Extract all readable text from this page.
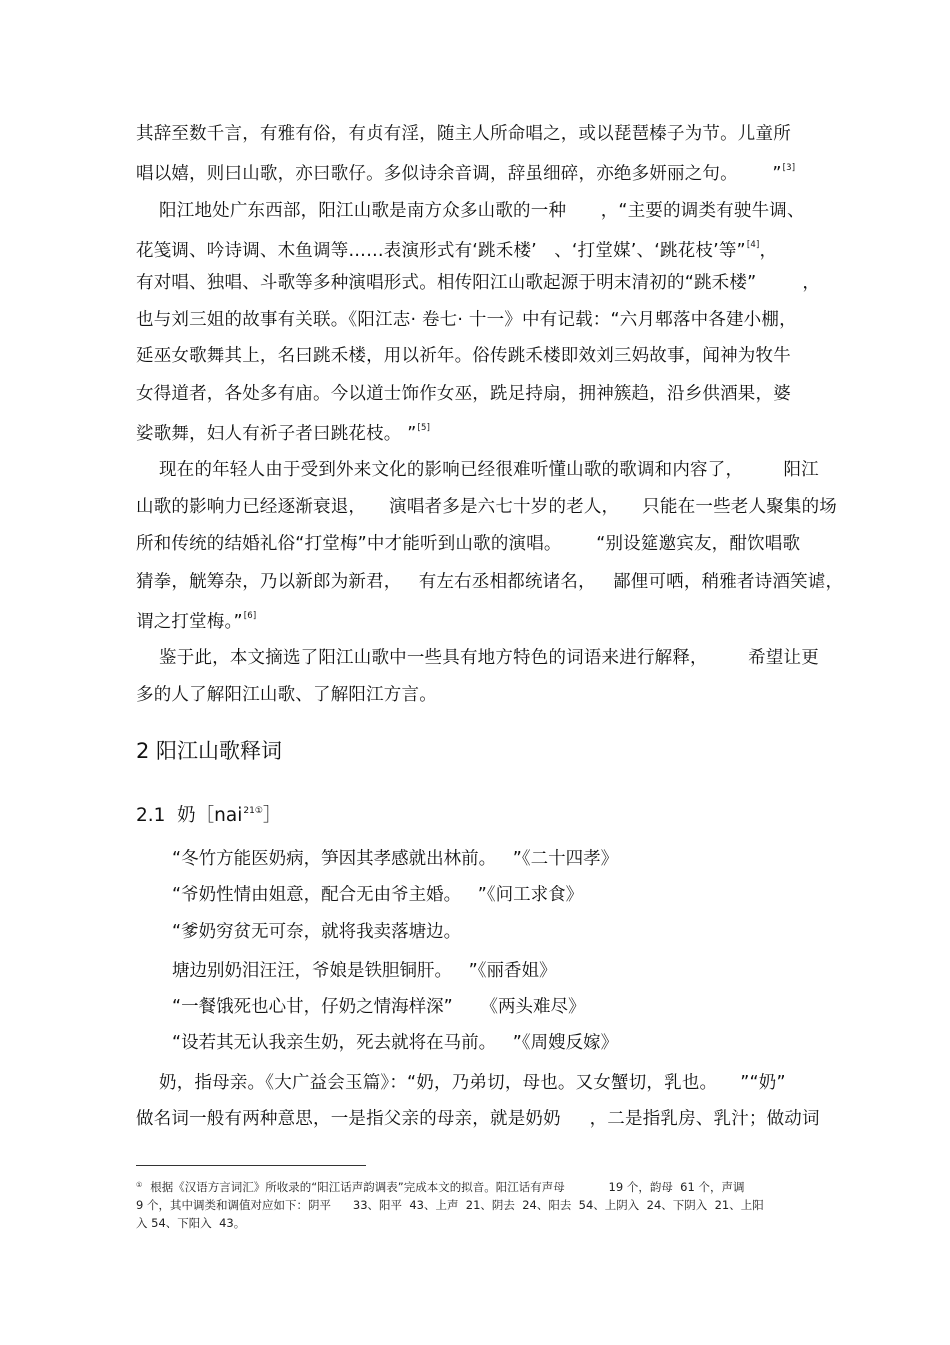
其辞至数千言，有雅有俗，有贞有淫，随主人所命唱之，或以琵琶榛子为节。儿童所
唱以嬉，则曰山歌，亦曰歌仔。多似诗余音调，辞虽细碎，亦绝多妍丽之句。      ”[3]
阳江地处广东西部，阳江山歌是南方众多山歌的一种      ，“主要的调类有驶牛调、
花笺调、吟诗调、木鱼调等……表演形式有‘跳禾楼’   、‘打堂媒’、‘跳花枝’等”[4]，
有对唱、独唱、斗歌等多种演唱形式。相传阳江山歌起源于明末清初的“跳禾楼”        ，
也与刘三姐的故事有关联。《阳江志· 卷七· 十一》中有记载：“六月郫落中各建小棚，
延巫女歌舞其上，名曰跳禾楼，用以祈年。俗传跳禾楼即效刘三妈故事，闻神为牧牛
女得道者，各处多有庙。今以道士饰作女巫，跣足持扇，拥神簇趋，沿乡供酒果，婆
娑歌舞，妇人有祈子者曰跳花枝。 ”[5]
现在的年轻人由于受到外来文化的影响已经很难听懂山歌的歌调和内容了，       阳江
山歌的影响力已经逐渐衰退，    演唱者多是六七十岁的老人，    只能在一些老人聚集的场
所和传统的结婚礼俗“打堂梅”中才能听到山歌的演唱。      “别设筵邀宾友，酣饮唱歌
猜拳，觥筹杂，乃以新郎为新君，   有左右丞相都统诸名，   鄙俚可哂，稍雅者诗酒笑谑，
谓之打堂梅。”[6]
鉴于此，本文摘选了阳江山歌中一些具有地方特色的词语来进行解释，       希望让更
多的人了解阳江山歌、了解阳江方言。
2 阳江山歌释词
2.1  奶［nai$^{21①}$］
“冬竹方能医奶病，笋因其孝感就出林前。   ”《二十四孝》
“爷奶性情由姐意，配合无由爷主婚。   ”《问工求食》
“爹奶穷贫无可奈，就将我卖落塘边。
塘边别奶泪汪汪，爷娘是铁胆铜肝。   ”《丽香姐》
“一餐饿死也心甘，仔奶之情海样深”     《两头难尽》
“设若其无认我亲生奶，死去就将在马前。   ”《周嫂反嫁》
奶，指母亲。《大广益会玉篇》：“奶，乃弟切，母也。又女蟹切，乳也。    ”“奶”
做名词一般有两种意思，一是指父亲的母亲，就是奶奶     ，二是指乳房、乳汁；做动词
① 根据《汉语方言词汇》所收录的“阳江话声韵调表”完成本文的拟音。阳江话有声母            19 个，韵母  61 个，声调
9 个，其中调类和调值对应如下：阴平      33、阳平  43、上声  21、阴去  24、阳去  54、上阴入  24、下阴入  21、上阳
入 54、下阳入  43。
